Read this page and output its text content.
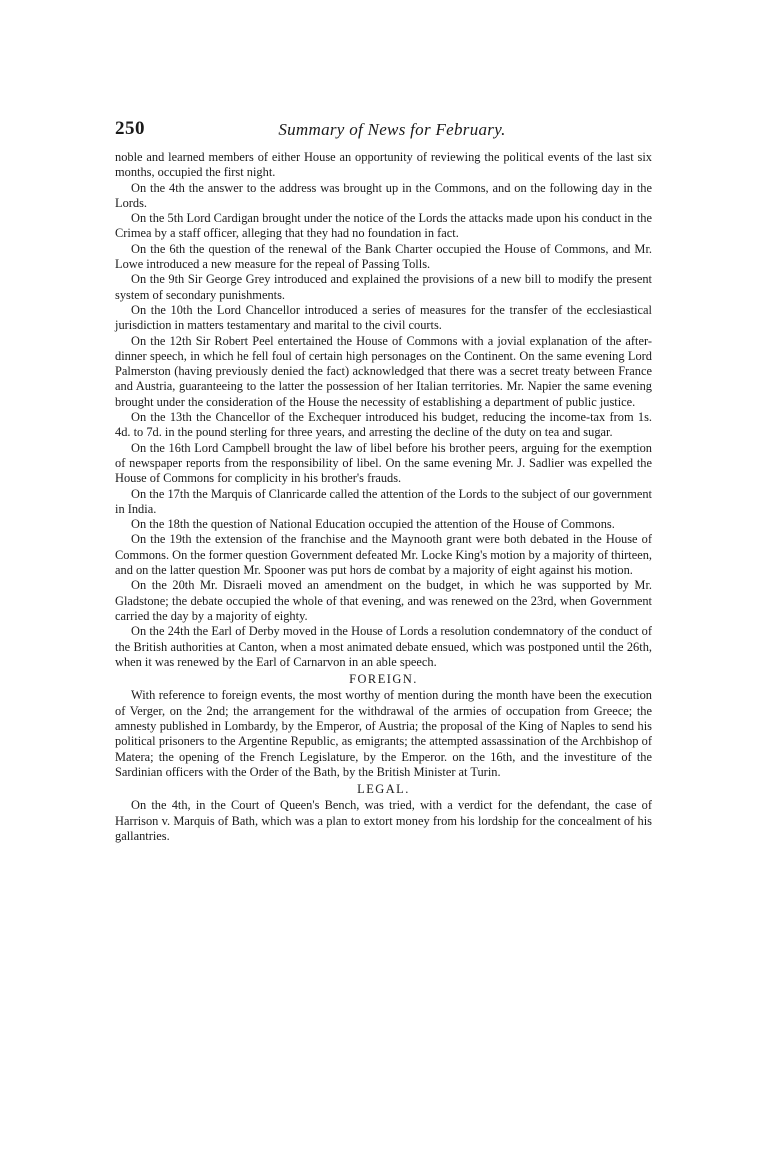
250	Summary of News for February.

noble and learned members of either House an opportunity of reviewing the political events of the last six months, occupied the first night.

On the 4th the answer to the address was brought up in the Commons, and on the following day in the Lords.

On the 5th Lord Cardigan brought under the notice of the Lords the attacks made upon his conduct in the Crimea by a staff officer, alleging that they had no foundation in fact.

On the 6th the question of the renewal of the Bank Charter occupied the House of Commons, and Mr. Lowe introduced a new measure for the repeal of Passing Tolls.

On the 9th Sir George Grey introduced and explained the provisions of a new bill to modify the present system of secondary punishments.

On the 10th the Lord Chancellor introduced a series of measures for the transfer of the ecclesiastical jurisdiction in matters testamentary and marital to the civil courts.

On the 12th Sir Robert Peel entertained the House of Commons with a jovial explanation of the after-dinner speech, in which he fell foul of certain high personages on the Continent. On the same evening Lord Palmerston (having previously denied the fact) acknowledged that there was a secret treaty between France and Austria, guaranteeing to the latter the possession of her Italian territories. Mr. Napier the same evening brought under the consideration of the House the necessity of establishing a department of public justice.

On the 13th the Chancellor of the Exchequer introduced his budget, reducing the income-tax from 1s. 4d. to 7d. in the pound sterling for three years, and arresting the decline of the duty on tea and sugar.

On the 16th Lord Campbell brought the law of libel before his brother peers, arguing for the exemption of newspaper reports from the responsibility of libel. On the same evening Mr. J. Sadlier was expelled the House of Commons for complicity in his brother's frauds.

On the 17th the Marquis of Clanricarde called the attention of the Lords to the subject of our government in India.

On the 18th the question of National Education occupied the attention of the House of Commons.

On the 19th the extension of the franchise and the Maynooth grant were both debated in the House of Commons. On the former question Government defeated Mr. Locke King's motion by a majority of thirteen, and on the latter question Mr. Spooner was put hors de combat by a majority of eight against his motion.

On the 20th Mr. Disraeli moved an amendment on the budget, in which he was supported by Mr. Gladstone; the debate occupied the whole of that evening, and was renewed on the 23rd, when Government carried the day by a majority of eighty.

On the 24th the Earl of Derby moved in the House of Lords a resolution condemnatory of the conduct of the British authorities at Canton, when a most animated debate ensued, which was postponed until the 26th, when it was renewed by the Earl of Carnarvon in an able speech.

FOREIGN.

With reference to foreign events, the most worthy of mention during the month have been the execution of Verger, on the 2nd; the arrangement for the withdrawal of the armies of occupation from Greece; the amnesty published in Lombardy, by the Emperor, of Austria; the proposal of the King of Naples to send his political prisoners to the Argentine Republic, as emigrants; the attempted assassination of the Archbishop of Matera; the opening of the French Legislature, by the Emperor. on the 16th, and the investiture of the Sardinian officers with the Order of the Bath, by the British Minister at Turin.

LEGAL.

On the 4th, in the Court of Queen's Bench, was tried, with a verdict for the defendant, the case of Harrison v. Marquis of Bath, which was a plan to extort money from his lordship for the concealment of his gallantries.
